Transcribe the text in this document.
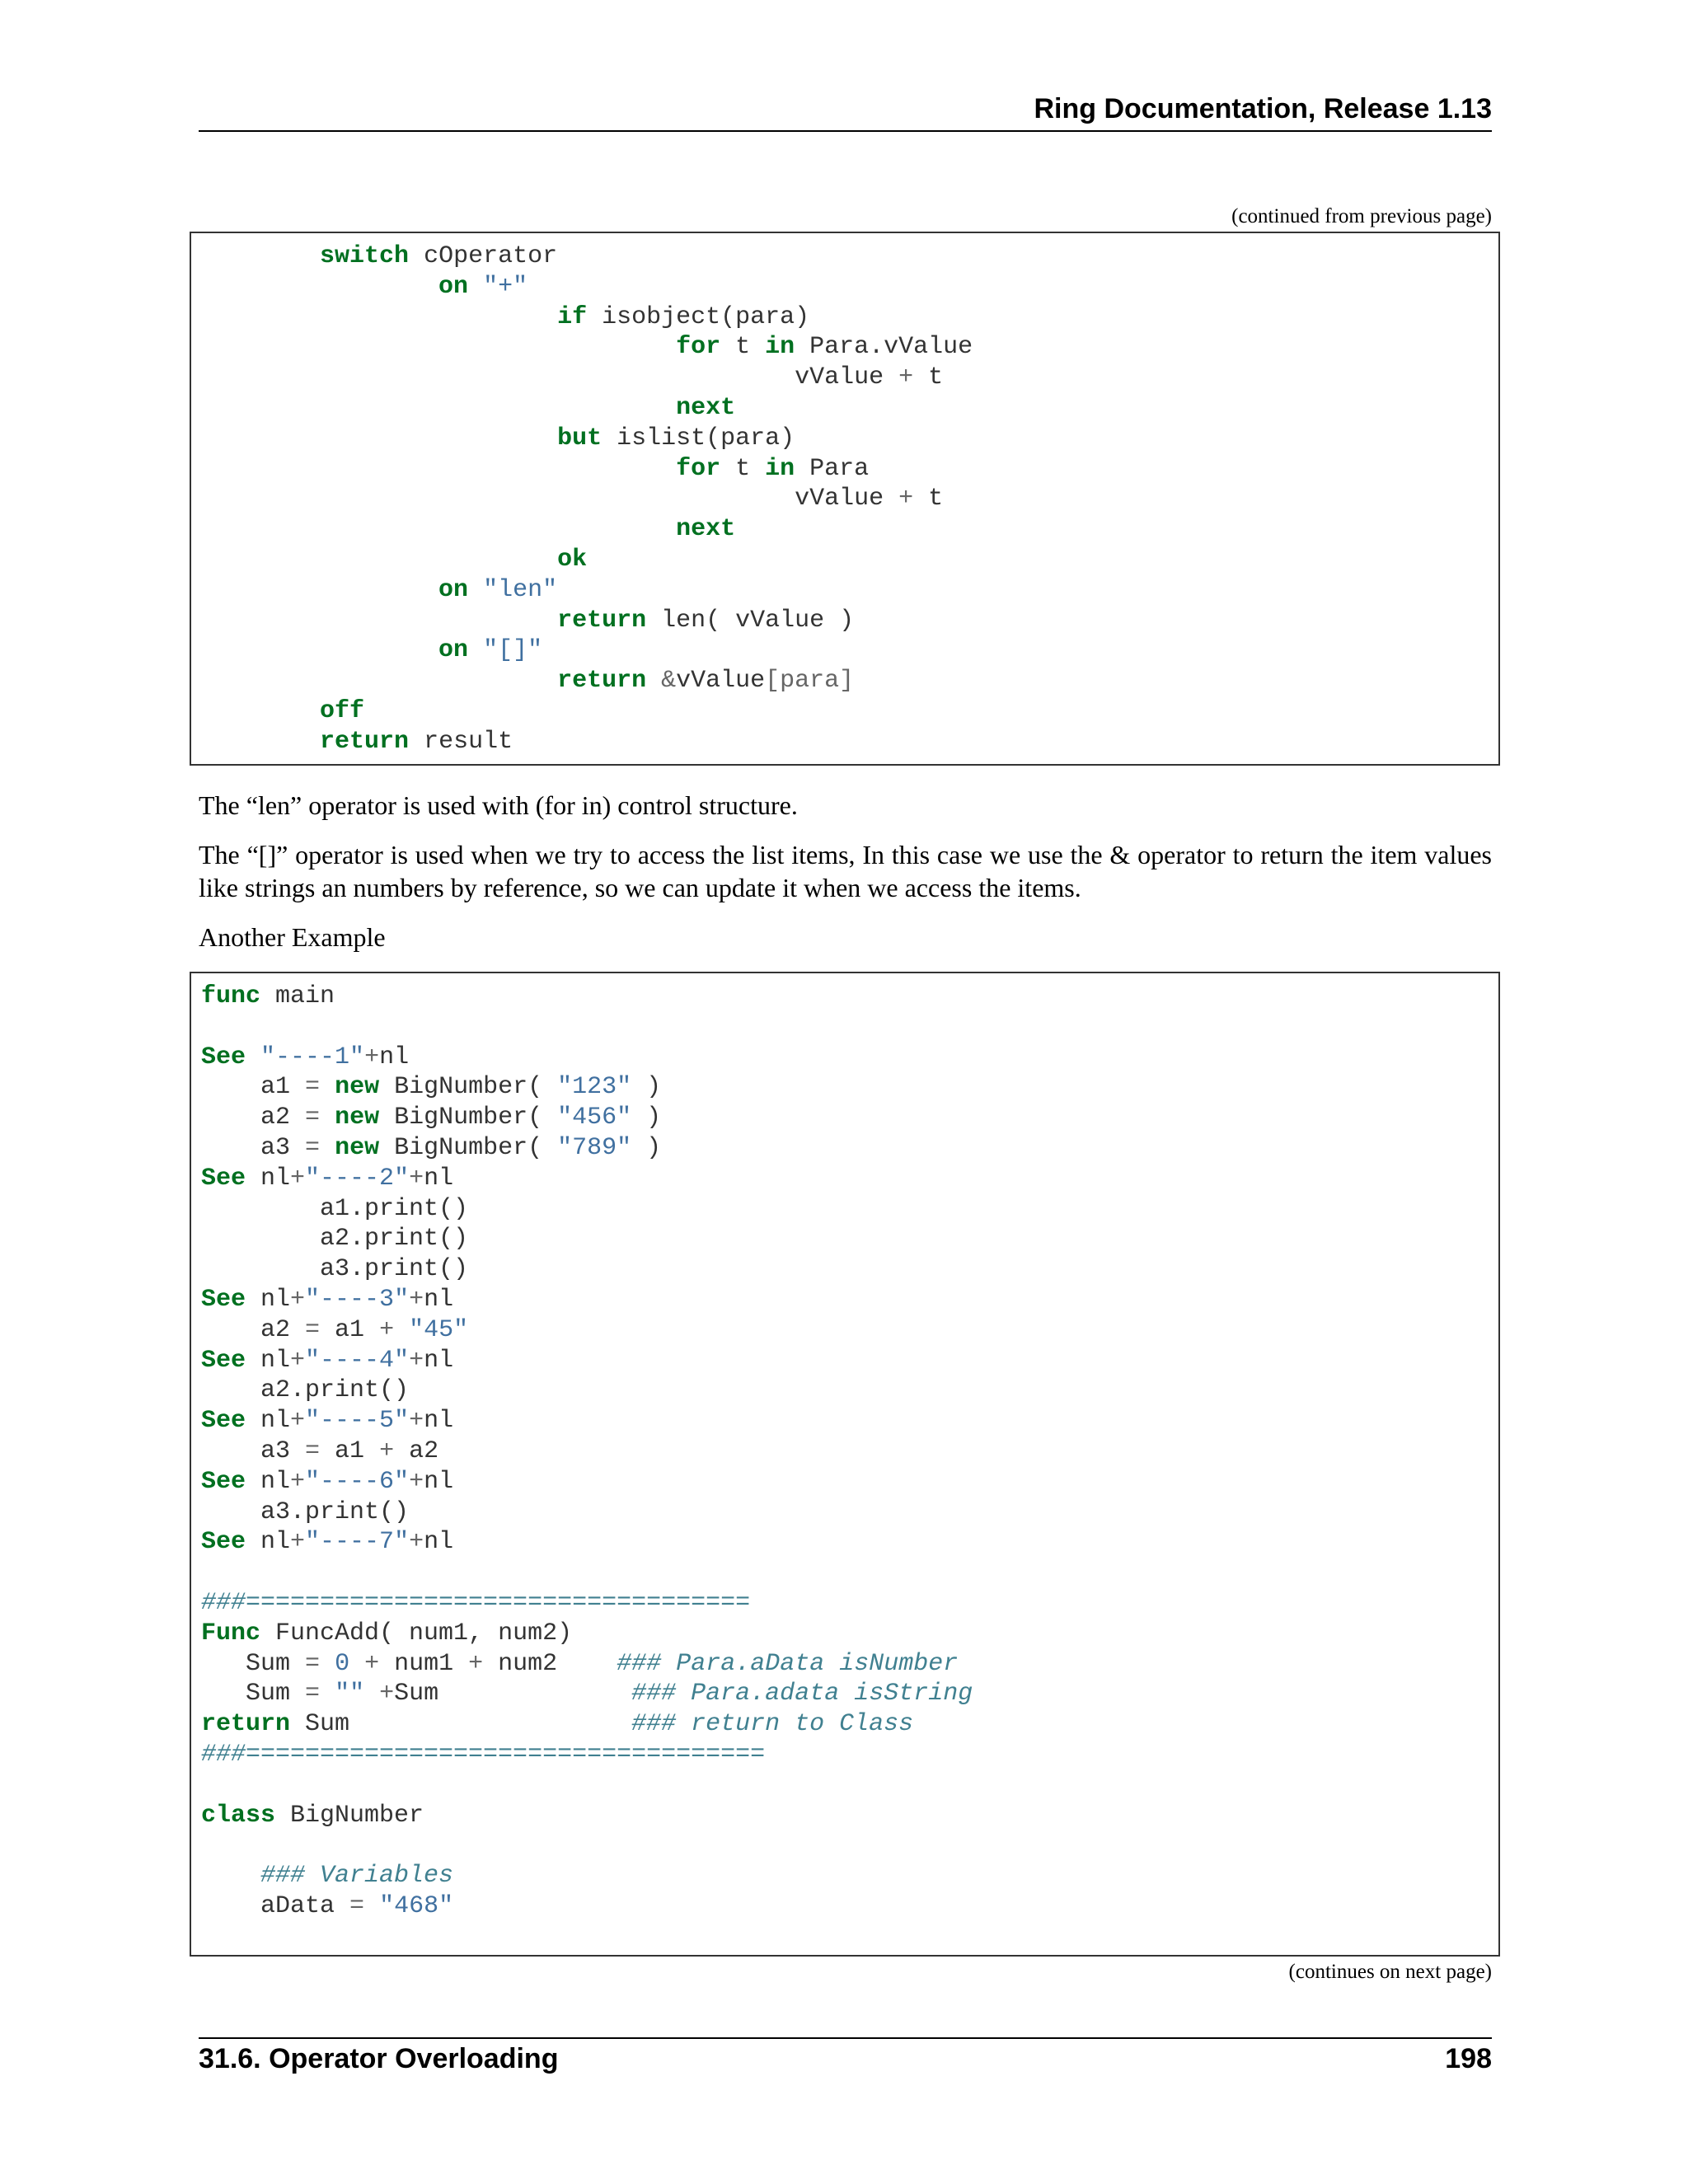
Ring Documentation, Release 1.13
(continued from previous page)
switch cOperator
on "+"
if isobject(para)
for t in Para.vValue
vValue + t
next
but islist(para)
for t in Para
vValue + t
next
ok
on "len"
return len( vValue )
on "[]"
return &vValue[para]
off
return result

The “len” operator is used with (for in) control structure.

The “[]” operator is used when we try to access the list items, In this case we use the & operator to return the item values like strings an numbers by reference, so we can update it when we access the items.

Another Example

func main

See "----1"+nl
a1 = new BigNumber( "123" )
a2 = new BigNumber( "456" )
a3 = new BigNumber( "789" )
See nl+"----2"+nl
a1.print()
a2.print()
a3.print()
See nl+"----3"+nl
a2 = a1 + "45"
See nl+"----4"+nl
a2.print()
See nl+"----5"+nl
a3 = a1 + a2
See nl+"----6"+nl
a3.print()
See nl+"----7"+nl

###==================================
Func FuncAdd( num1, num2)
Sum = 0 + num1 + num2    ### Para.aData isNumber
Sum = "" +Sum             ### Para.adata isString
return Sum                   ### return to Class
###===================================

class BigNumber

### Variables
aData = "468"
(continues on next page)
31.6. Operator Overloading	198
